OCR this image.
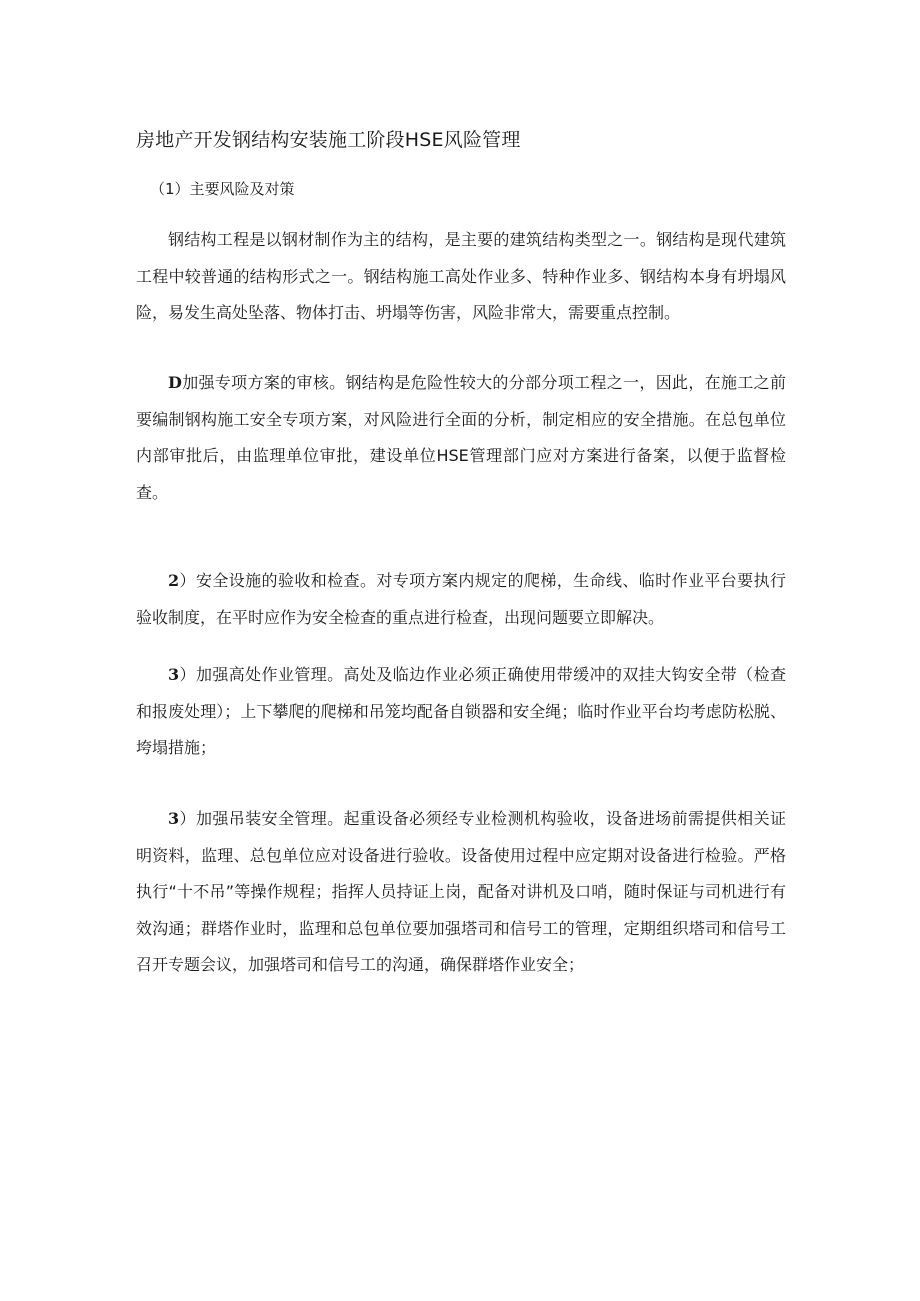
房地产开发钢结构安装施工阶段HSE风险管理
（1）主要风险及对策
钢结构工程是以钢材制作为主的结构，是主要的建筑结构类型之一。钢结构是现代建筑工程中较普通的结构形式之一。钢结构施工高处作业多、特种作业多、钢结构本身有坍塌风险，易发生高处坠落、物体打击、坍塌等伤害，风险非常大，需要重点控制。
D加强专项方案的审核。钢结构是危险性较大的分部分项工程之一，因此，在施工之前要编制钢构施工安全专项方案，对风险进行全面的分析，制定相应的安全措施。在总包单位内部审批后，由监理单位审批，建设单位HSE管理部门应对方案进行备案，以便于监督检查。
2）安全设施的验收和检查。对专项方案内规定的爬梯，生命线、临时作业平台要执行验收制度，在平时应作为安全检查的重点进行检查，出现问题要立即解决。
3）加强高处作业管理。高处及临边作业必须正确使用带缓冲的双挂大钩安全带（检查和报废处理）；上下攀爬的爬梯和吊笼均配备自锁器和安全绳；临时作业平台均考虑防松脱、垮塌措施；
3）加强吊装安全管理。起重设备必须经专业检测机构验收，设备进场前需提供相关证明资料，监理、总包单位应对设备进行验收。设备使用过程中应定期对设备进行检验。严格执行“十不吊”等操作规程；指挥人员持证上岗，配备对讲机及口哨，随时保证与司机进行有效沟通；群塔作业时，监理和总包单位要加强塔司和信号工的管理，定期组织塔司和信号工召开专题会议，加强塔司和信号工的沟通，确保群塔作业安全；
